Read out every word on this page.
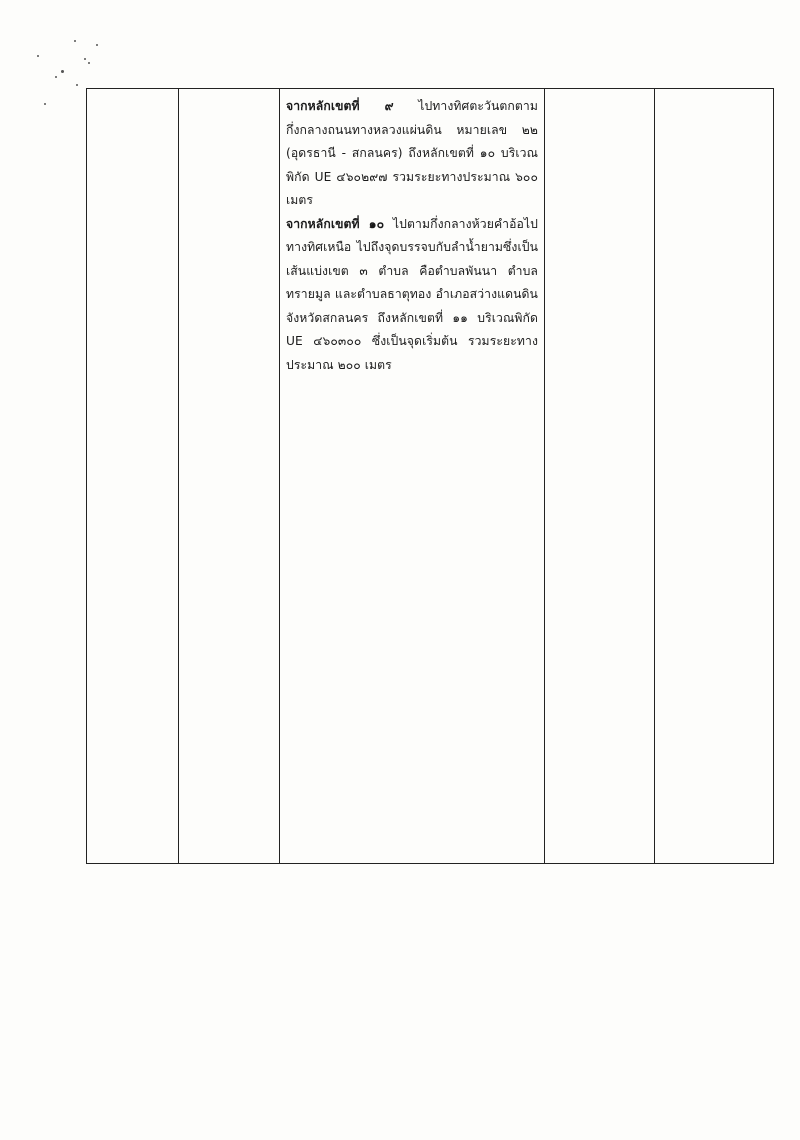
จากหลักเขตที่ ๙ ไปทางทิศตะวันตกตามกึ่งกลางถนนทางหลวงแผ่นดิน หมายเลข ๒๒ (อุดรธานี - สกลนคร) ถึงหลักเขตที่ ๑๐ บริเวณพิกัด UE ๔๖๐๒๙๗ รวมระยะทางประมาณ ๖๐๐ เมตร

จากหลักเขตที่ ๑๐ ไปตามกึ่งกลางห้วยคำอ้อไปทางทิศเหนือ ไปถึงจุดบรรจบกับลำน้ำยามซึ่งเป็นเส้นแบ่งเขต ๓ ตำบล คือตำบลพันนา ตำบลทรายมูล และตำบลธาตุทอง อำเภอสว่างแดนดิน จังหวัดสกลนคร ถึงหลักเขตที่ ๑๑ บริเวณพิกัด UE ๔๖๐๓๐๐ ซึ่งเป็นจุดเริ่มต้น รวมระยะทางประมาณ ๒๐๐ เมตร
